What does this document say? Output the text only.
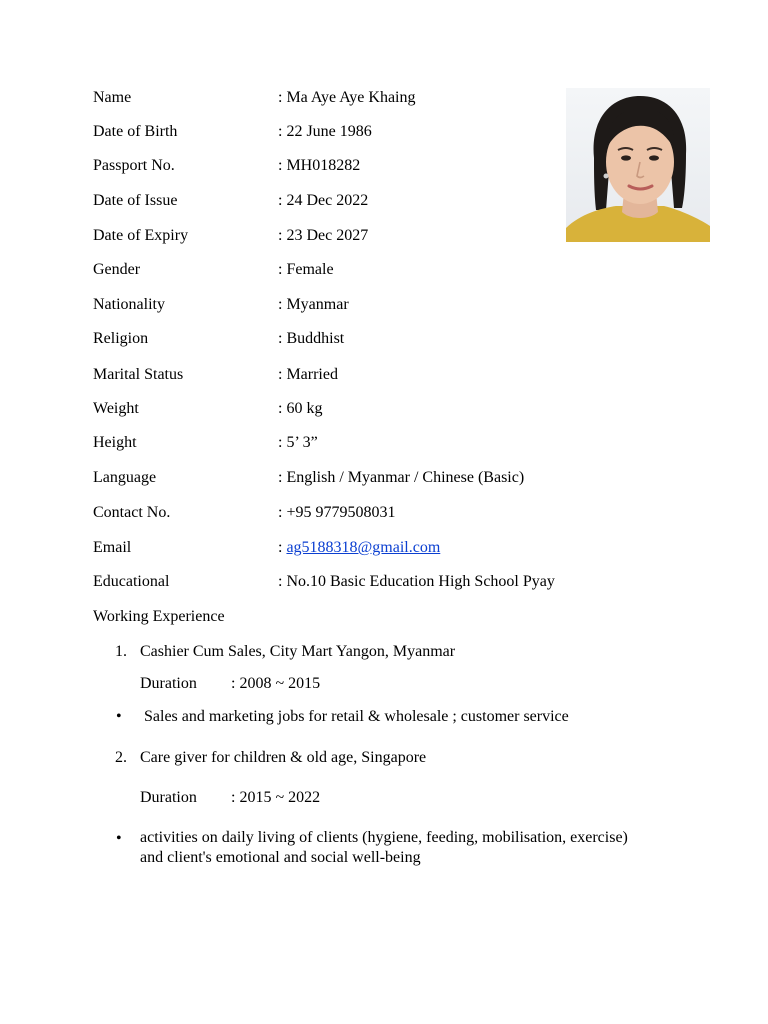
Name	: Ma Aye Aye Khaing
Date of Birth	: 22 June 1986
Passport No.	: MH018282
Date of Issue	: 24 Dec 2022
Date of Expiry	: 23 Dec 2027
Gender	: Female
Nationality	: Myanmar
Religion	: Buddhist
Marital Status	: Married
Weight	: 60 kg
Height	: 5’ 3”
Language	: English / Myanmar / Chinese (Basic)
Contact No.	: +95 9779508031
Email	: ag5188318@gmail.com
Educational	: No.10 Basic Education High School Pyay
Working Experience
1. Cashier Cum Sales, City Mart Yangon, Myanmar
Duration : 2008 ~ 2015
• Sales and marketing jobs for retail & wholesale ; customer service
2. Care giver for children & old age, Singapore
Duration : 2015 ~ 2022
• activities on daily living of clients (hygiene, feeding, mobilisation, exercise) and client's emotional and social well-being
